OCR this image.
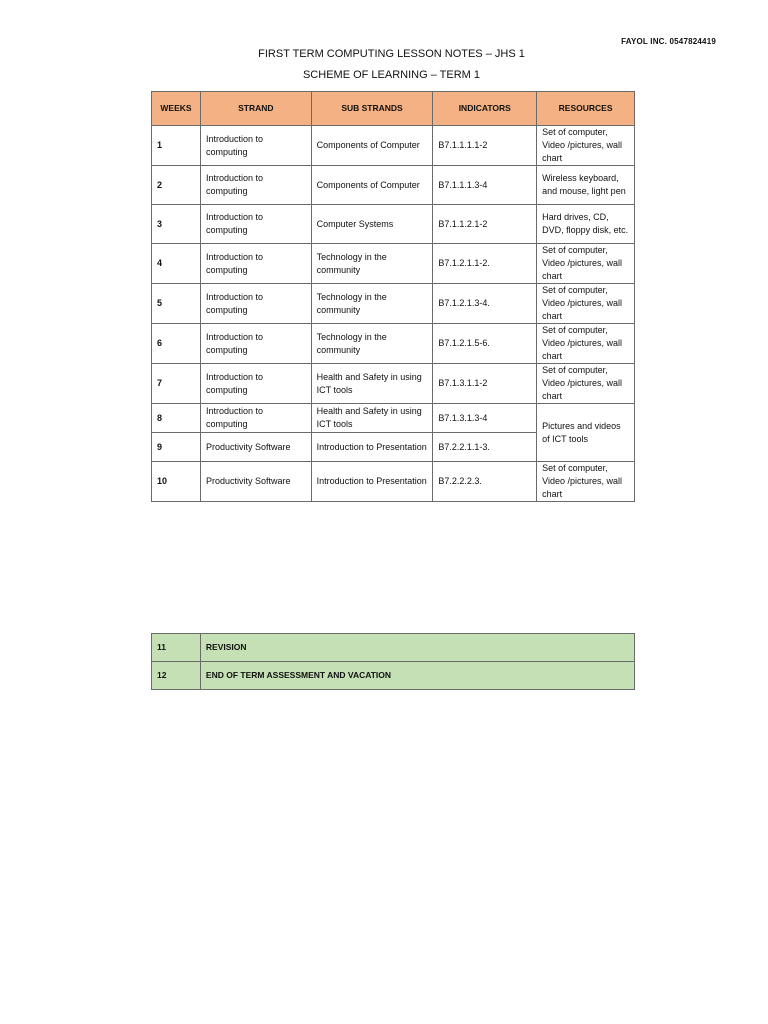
FAYOL INC. 0547824419
FIRST TERM COMPUTING LESSON NOTES – JHS 1
SCHEME OF LEARNING – TERM 1
WEEKS	STRAND	SUB STRANDS	INDICATORS	RESOURCES
1	Introduction to computing	Components of Computer	B7.1.1.1.1-2	Set of computer, Video /pictures, wall chart
2	Introduction to computing	Components of Computer	B7.1.1.1.3-4	Wireless keyboard, and mouse, light pen
3	Introduction to computing	Computer Systems	B7.1.1.2.1-2	Hard drives, CD, DVD, floppy disk, etc.
4	Introduction to computing	Technology in the community	B7.1.2.1.1-2.	Set of computer, Video /pictures, wall chart
5	Introduction to computing	Technology in the community	B7.1.2.1.3-4.	Set of computer, Video /pictures, wall chart
6	Introduction to computing	Technology in the community	B7.1.2.1.5-6.	Set of computer, Video /pictures, wall chart
7	Introduction to computing	Health and Safety in using ICT tools	B7.1.3.1.1-2	Set of computer, Video /pictures, wall chart
8	Introduction to computing	Health and Safety in using ICT tools	B7.1.3.1.3-4	Pictures and videos of ICT tools
9	Productivity Software	Introduction to Presentation	B7.2.2.1.1-3.	
10	Productivity Software	Introduction to Presentation	B7.2.2.2.3.	Set of computer, Video /pictures, wall chart
11	REVISION
12	END OF TERM ASSESSMENT AND VACATION
